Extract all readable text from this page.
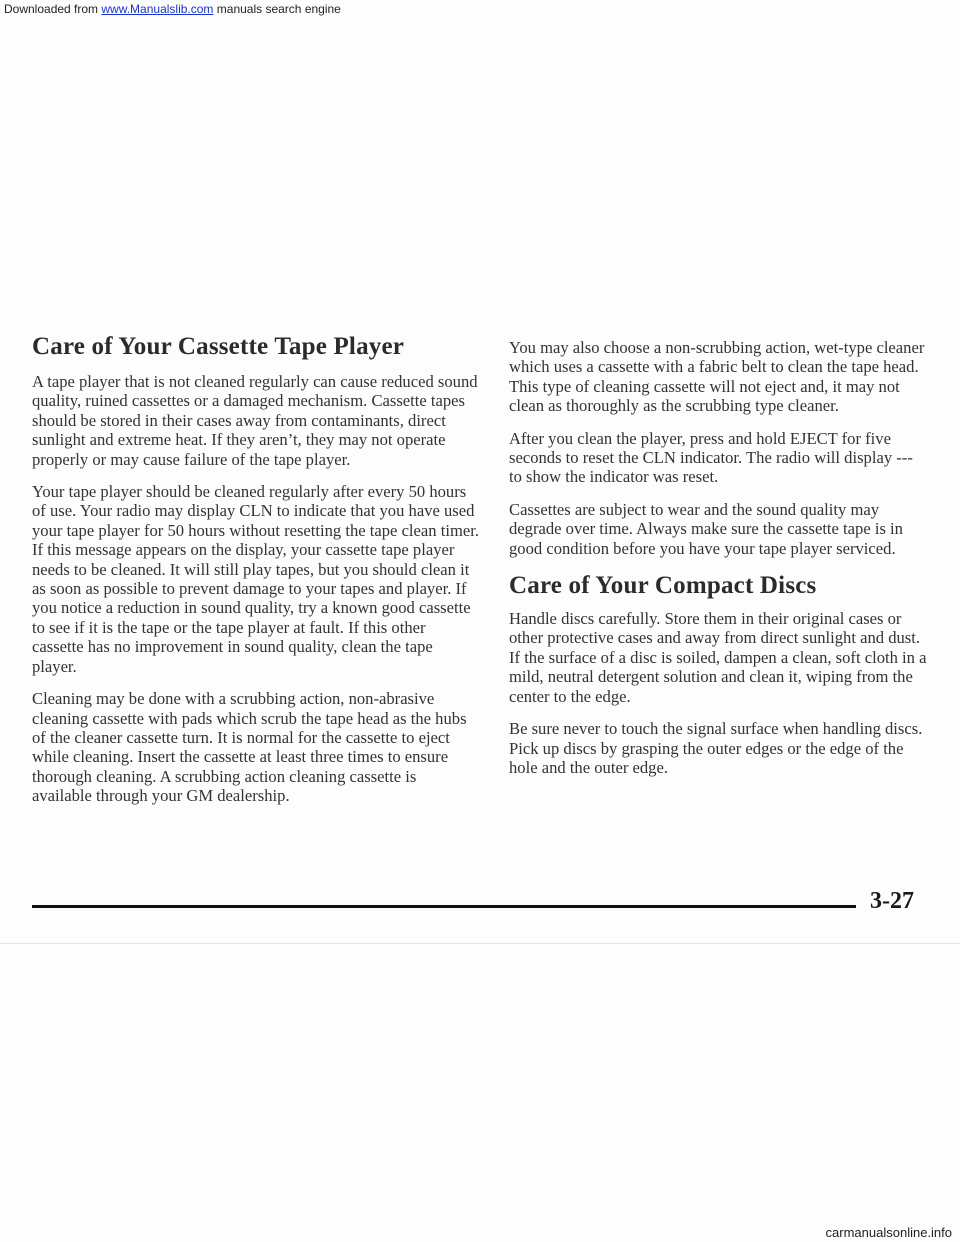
Care of Your Cassette Tape Player

A tape player that is not cleaned regularly can cause reduced sound quality, ruined cassettes or a damaged mechanism. Cassette tapes should be stored in their cases away from contaminants, direct sunlight and extreme heat. If they aren’t, they may not operate properly or may cause failure of the tape player.

Your tape player should be cleaned regularly after every 50 hours of use. Your radio may display CLN to indicate that you have used your tape player for 50 hours without resetting the tape clean timer. If this message appears on the display, your cassette tape player needs to be cleaned. It will still play tapes, but you should clean it as soon as possible to prevent damage to your tapes and player. If you notice a reduction in sound quality, try a known good cassette to see if it is the tape or the tape player at fault. If this other cassette has no improvement in sound quality, clean the tape player.

Cleaning may be done with a scrubbing action, non-abrasive cleaning cassette with pads which scrub the tape head as the hubs of the cleaner cassette turn. It is normal for the cassette to eject while cleaning. Insert the cassette at least three times to ensure thorough cleaning. A scrubbing action cleaning cassette is available through your GM dealership.

You may also choose a non-scrubbing action, wet-type cleaner which uses a cassette with a fabric belt to clean the tape head. This type of cleaning cassette will not eject and, it may not clean as thoroughly as the scrubbing type cleaner.

After you clean the player, press and hold EJECT for five seconds to reset the CLN indicator. The radio will display --- to show the indicator was reset.

Cassettes are subject to wear and the sound quality may degrade over time. Always make sure the cassette tape is in good condition before you have your tape player serviced.

Care of Your Compact Discs

Handle discs carefully. Store them in their original cases or other protective cases and away from direct sunlight and dust. If the surface of a disc is soiled, dampen a clean, soft cloth in a mild, neutral detergent solution and clean it, wiping from the center to the edge.

Be sure never to touch the signal surface when handling discs. Pick up discs by grasping the outer edges or the edge of the hole and the outer edge.

3-27
Downloaded from www.Manualslib.com manuals search engine
carmanualsonline.info
